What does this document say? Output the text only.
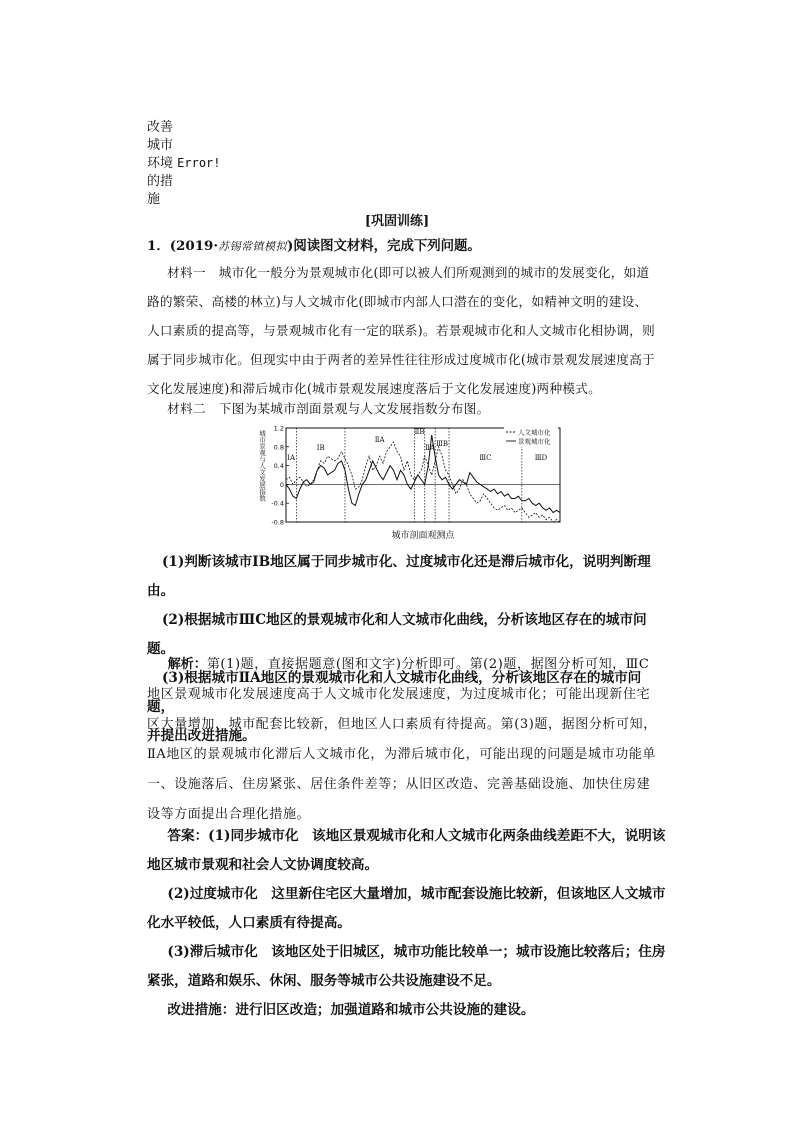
改善
城市
环境 Error!
的措
施
[巩固训练]
1．(2019·苏锡常镇模拟)阅读图文材料，完成下列问题。
材料一　城市化一般分为景观城市化(即可以被人们所观测到的城市的发展变化，如道路的繁荣、高楼的林立)与人文城市化(即城市内部人口潜在的变化，如精神文明的建设、人口素质的提高等，与景观城市化有一定的联系)。若景观城市化和人文城市化相协调，则属于同步城市化。但现实中由于两者的差异性往往形成过度城市化(城市景观发展速度高于文化发展速度)和滞后城市化(城市景观发展速度落后于文化发展速度)两种模式。
材料二　下图为某城市剖面景观与人文发展指数分布图。
1.2
0.8
0.4
0
-0.4
-0.8
城市景观与人文发展指数
城市剖面观测点
ⅠA
ⅠB
ⅡA
ⅡB
ⅡA ⅢB
ⅢC	ⅢD
人文城市化
景观城市化

(1)判断该城市ⅠB地区属于同步城市化、过度城市化还是滞后城市化，说明判断理由。

(2)根据城市ⅢC地区的景观城市化和人文城市化曲线，分析该地区存在的城市问题。

(3)根据城市ⅡA地区的景观城市化和人文城市化曲线，分析该地区存在的城市问题，

并提出改进措施。

解析：第(1)题，直接据题意(图和文字)分析即可。第(2)题，据图分析可知，ⅢC地区景观城市化发展速度高于人文城市化发展速度，为过度城市化；可能出现新住宅区大量增加，城市配套比较新，但地区人口素质有待提高。第(3)题，据图分析可知，ⅡA地区的景观城市化滞后人文城市化，为滞后城市化，可能出现的问题是城市功能单一、设施落后、住房紧张、居住条件差等；从旧区改造、完善基础设施、加快住房建设等方面提出合理化措施。

答案：(1)同步城市化　该地区景观城市化和人文城市化两条曲线差距不大，说明该地区城市景观和社会人文协调度较高。

(2)过度城市化　这里新住宅区大量增加，城市配套设施比较新，但该地区人文城市化水平较低，人口素质有待提高。

(3)滞后城市化　该地区处于旧城区，城市功能比较单一；城市设施比较落后；住房紧张，道路和娱乐、休闲、服务等城市公共设施建设不足。

改进措施：进行旧区改造；加强道路和城市公共设施的建设。
